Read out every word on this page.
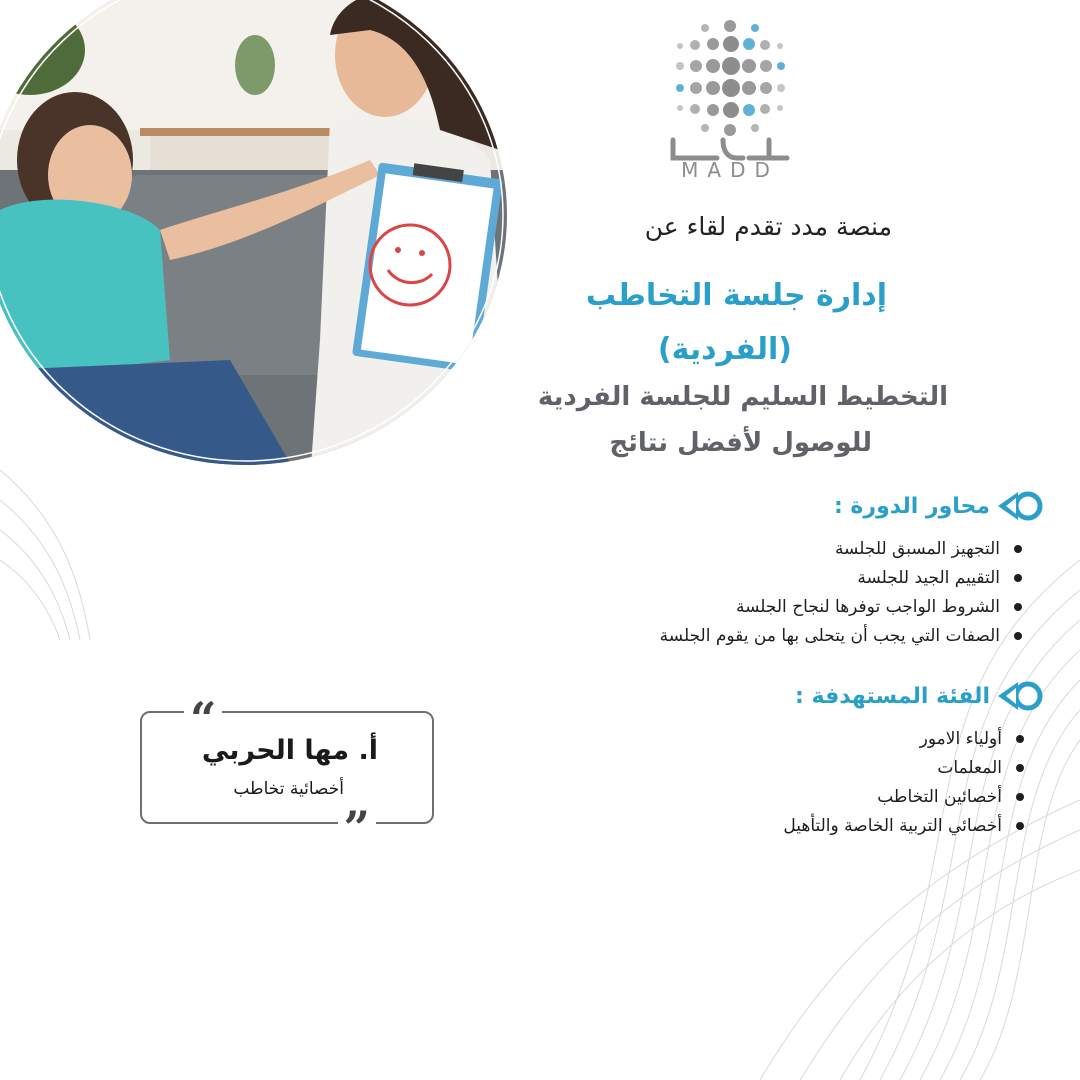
MADD
منصة مدد تقدم لقاء عن
إدارة جلسة التخاطب
(الفردية)
التخطيط السليم للجلسة الفردية
للوصول لأفضل نتائج
محاور الدورة :
التجهيز المسبق للجلسة
التقييم الجيد للجلسة
الشروط الواجب توفرها لنجاح الجلسة
الصفات التي يجب أن يتحلى بها من يقوم الجلسة
الفئة المستهدفة :
أولياء الامور
المعلمات
أخصائين التخاطب
أخصائي التربية الخاصة والتأهيل
“
أ. مها الحربي
أخصائية تخاطب
”
